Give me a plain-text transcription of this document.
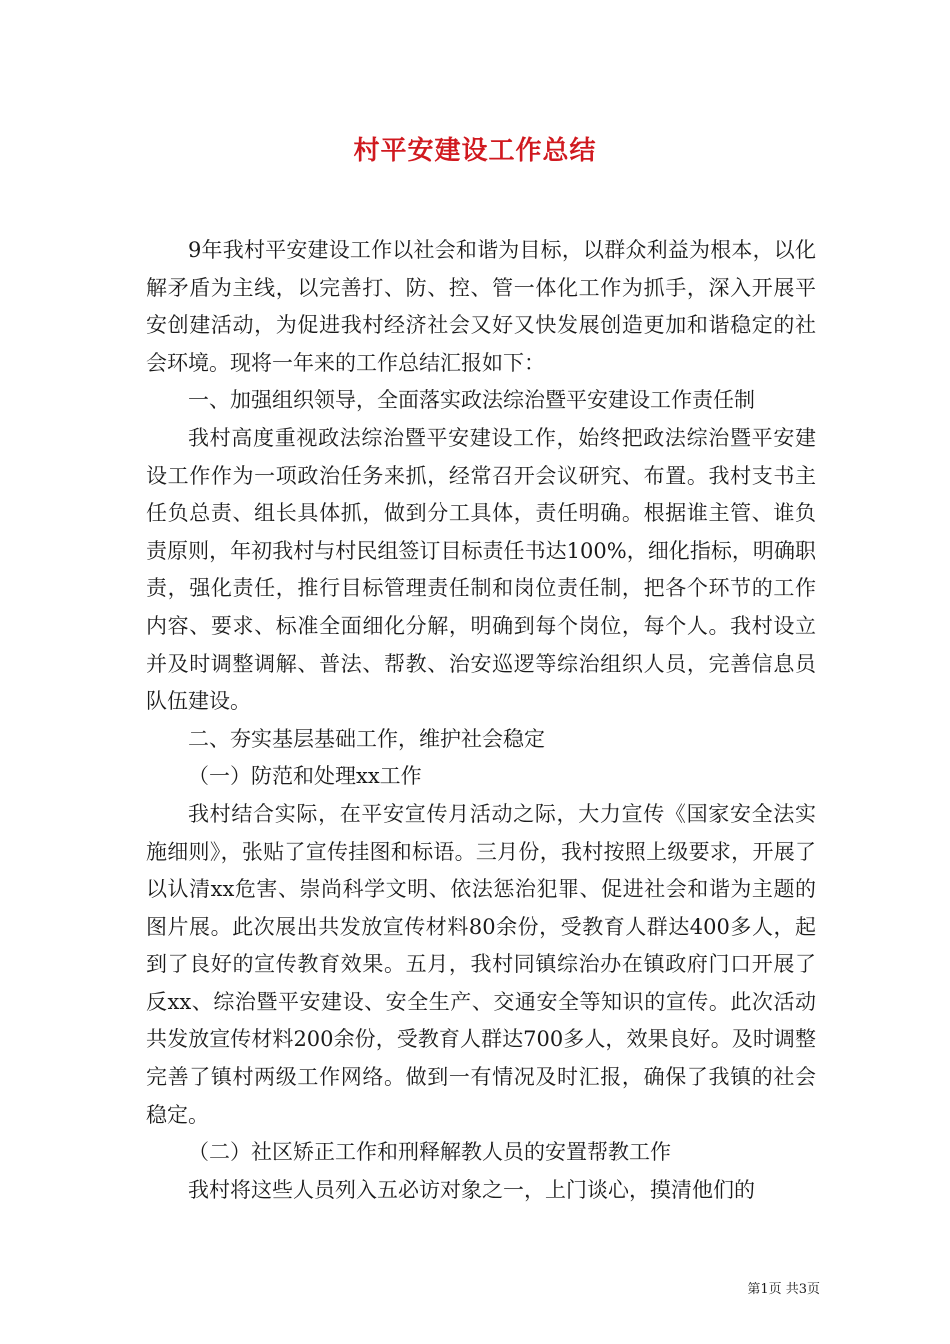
村平安建设工作总结

9年我村平安建设工作以社会和谐为目标，以群众利益为根本，以化解矛盾为主线，以完善打、防、控、管一体化工作为抓手，深入开展平安创建活动，为促进我村经济社会又好又快发展创造更加和谐稳定的社会环境。现将一年来的工作总结汇报如下：

一、加强组织领导，全面落实政法综治暨平安建设工作责任制

我村高度重视政法综治暨平安建设工作，始终把政法综治暨平安建设工作作为一项政治任务来抓，经常召开会议研究、布置。我村支书主任负总责、组长具体抓，做到分工具体，责任明确。根据谁主管、谁负责原则，年初我村与村民组签订目标责任书达100%，细化指标，明确职责，强化责任，推行目标管理责任制和岗位责任制，把各个环节的工作内容、要求、标准全面细化分解，明确到每个岗位，每个人。我村设立并及时调整调解、普法、帮教、治安巡逻等综治组织人员，完善信息员队伍建设。

二、夯实基层基础工作，维护社会稳定

（一）防范和处理xx工作

我村结合实际，在平安宣传月活动之际，大力宣传《国家安全法实施细则》，张贴了宣传挂图和标语。三月份，我村按照上级要求，开展了以认清xx危害、崇尚科学文明、依法惩治犯罪、促进社会和谐为主题的图片展。此次展出共发放宣传材料80余份，受教育人群达400多人，起到了良好的宣传教育效果。五月，我村同镇综治办在镇政府门口开展了反xx、综治暨平安建设、安全生产、交通安全等知识的宣传。此次活动共发放宣传材料200余份，受教育人群达700多人，效果良好。及时调整完善了镇村两级工作网络。做到一有情况及时汇报，确保了我镇的社会稳定。

（二）社区矫正工作和刑释解教人员的安置帮教工作

我村将这些人员列入五必访对象之一，上门谈心，摸清他们的

第1页 共3页
